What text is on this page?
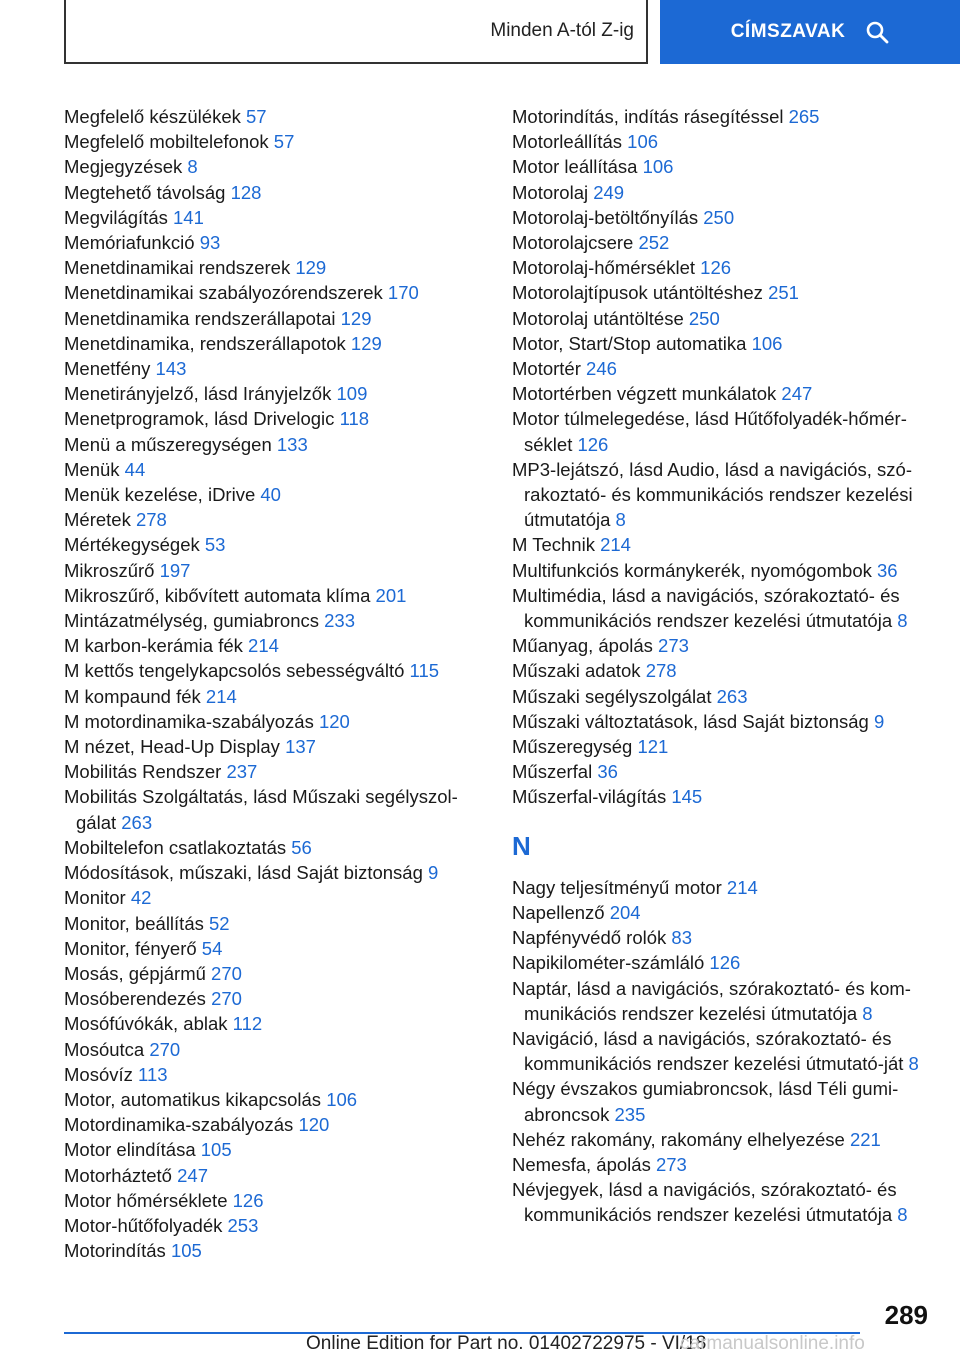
Minden A-tól Z-ig	CÍMSZAVAK

Megfelelő készülékek 57

Megfelelő mobiltelefonok 57

Megjegyzések 8

Megtehető távolság 128

Megvilágítás 141

Memóriafunkció 93

Menetdinamikai rendszerek 129

Menetdinamikai szabályozórendszerek 170

Menetdinamika rendszerállapotai 129

Menetdinamika, rendszerállapotok 129

Menetfény 143

Menetirányjelző, lásd Irányjelzők 109

Menetprogramok, lásd Drivelogic 118

Menü a műszeregységen 133

Menük 44

Menük kezelése, iDrive 40

Méretek 278

Mértékegységek 53

Mikroszűrő 197

Mikroszűrő, kibővített automata klíma 201

Mintázatmélység, gumiabroncs 233

M karbon-kerámia fék 214

M kettős tengelykapcsolós sebességváltó 115

M kompaund fék 214

M motordinamika-szabályozás 120

M nézet, Head-Up Display 137

Mobilitás Rendszer 237

Mobilitás Szolgáltatás, lásd Műszaki segélyszol-gálat 263

Mobiltelefon csatlakoztatás 56

Módosítások, műszaki, lásd Saját biztonság 9

Monitor 42

Monitor, beállítás 52

Monitor, fényerő 54

Mosás, gépjármű 270

Mosóberendezés 270

Mosófúvókák, ablak 112

Mosóutca 270

Mosóvíz 113

Motor, automatikus kikapcsolás 106

Motordinamika-szabályozás 120

Motor elindítása 105

Motorháztető 247

Motor hőmérséklete 126

Motor-hűtőfolyadék 253

Motorindítás 105

Motorindítás, indítás rásegítéssel 265

Motorleállítás 106

Motor leállítása 106

Motorolaj 249

Motorolaj-betöltőnyílás 250

Motorolajcsere 252

Motorolaj-hőmérséklet 126

Motorolajtípusok utántöltéshez 251

Motorolaj utántöltése 250

Motor, Start/Stop automatika 106

Motortér 246

Motortérben végzett munkálatok 247

Motor túlmelegedése, lásd Hűtőfolyadék-hőmér-séklet 126

MP3-lejátszó, lásd Audio, lásd a navigációs, szó-rakoztató- és kommunikációs rendszer kezelési útmutatója 8

M Technik 214

Multifunkciós kormánykerék, nyomógombok 36

Multimédia, lásd a navigációs, szórakoztató- és kommunikációs rendszer kezelési útmutatója 8

Műanyag, ápolás 273

Műszaki adatok 278

Műszaki segélyszolgálat 263

Műszaki változtatások, lásd Saját biztonság 9

Műszeregység 121

Műszerfal 36

Műszerfal-világítás 145

N

Nagy teljesítményű motor 214

Napellenző 204

Napfényvédő rolók 83

Napikilométer-számláló 126

Naptár, lásd a navigációs, szórakoztató- és kom-munikációs rendszer kezelési útmutatója 8

Navigáció, lásd a navigációs, szórakoztató- és kommunikációs rendszer kezelési útmutató-ját 8

Négy évszakos gumiabroncsok, lásd Téli gumi-abroncsok 235

Nehéz rakomány, rakomány elhelyezése 221

Nemesfa, ápolás 273

Névjegyek, lásd a navigációs, szórakoztató- és kommunikációs rendszer kezelési útmutatója 8

289
Online Edition for Part no. 01402722975 - VI/18
carmanualsonline.info
